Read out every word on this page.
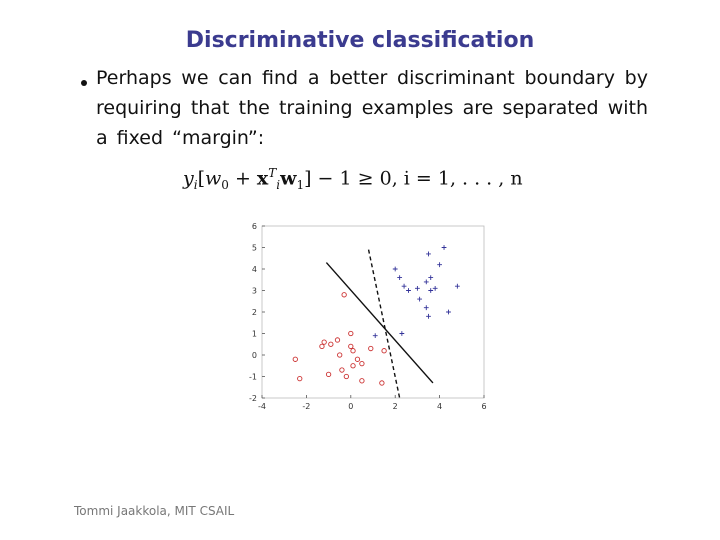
Discriminative classification
Perhaps we can find a better discriminant boundary by requiring that the training examples are separated with a fixed “margin”:
$y_i[w_0 + x^T_iw_1] - 1 \ge 0$, i = 1, . . . , n
-4	-2	0	2	4	6
-2
-1
0
1
2
3
4
5
6
Tommi Jaakkola, MIT CSAIL
